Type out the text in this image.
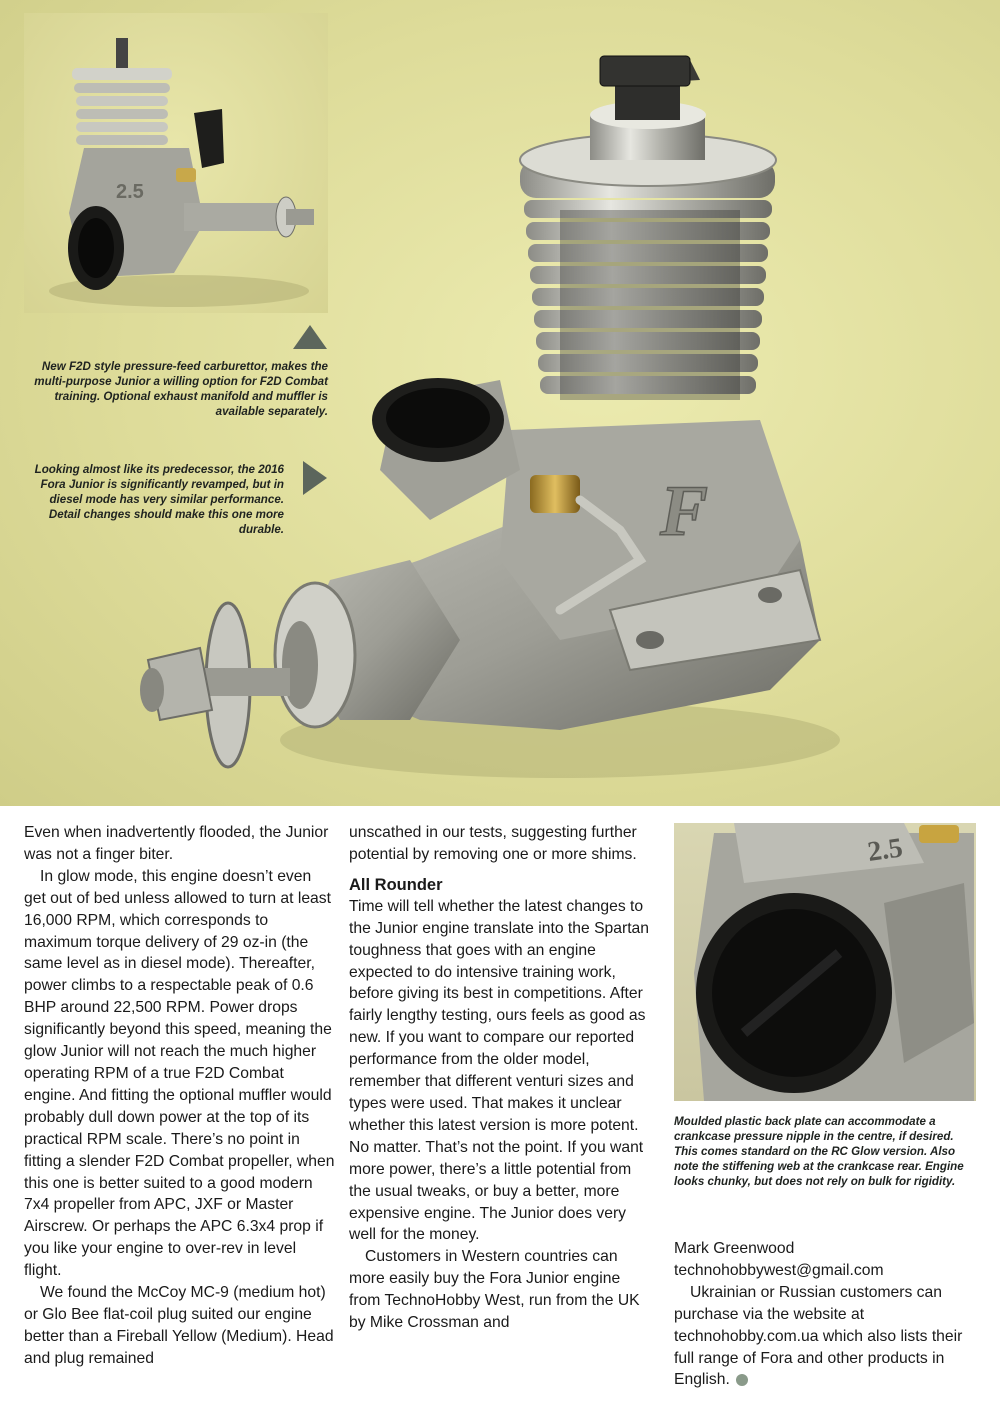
F
2.5
New F2D style pressure-feed carburettor, makes the multi-purpose Junior a willing option for F2D Combat training. Optional exhaust manifold and muffler is available separately.
Looking almost like its predecessor, the 2016 Fora Junior is significantly revamped, but in diesel mode has very similar performance. Detail changes should make this one more durable.

Even when inadvertently flooded, the Junior was not a finger biter.

In glow mode, this engine doesn’t even get out of bed unless allowed to turn at least 16,000 RPM, which corresponds to maximum torque delivery of 29 oz-in (the same level as in diesel mode). Thereafter, power climbs to a respectable peak of 0.6 BHP around 22,500 RPM. Power drops significantly beyond this speed, meaning the glow Junior will not reach the much higher operating RPM of a true F2D Combat engine. And fitting the optional muffler would probably dull down power at the top of its practical RPM scale. There’s no point in fitting a slender F2D Combat propeller, when this one is better suited to a good modern 7x4 propeller from APC, JXF or Master Airscrew. Or perhaps the APC 6.3x4 prop if you like your engine to over-rev in level flight.

We found the McCoy MC-9 (medium hot) or Glo Bee flat-coil plug suited our engine better than a Fireball Yellow (Medium). Head and plug remained

unscathed in our tests, suggesting further potential by removing one or more shims.

All Rounder

Time will tell whether the latest changes to the Junior engine translate into the Spartan toughness that goes with an engine expected to do intensive training work, before giving its best in competitions. After fairly lengthy testing, ours feels as good as new. If you want to compare our reported performance from the older model, remember that different venturi sizes and types were used. That makes it unclear whether this latest version is more potent. No matter. That’s not the point. If you want more power, there’s a little potential from the usual tweaks, or buy a better, more expensive engine. The Junior does very well for the money.

Customers in Western countries can more easily buy the Fora Junior engine from TechnoHobby West, run from the UK by Mike Crossman and

2.5
Moulded plastic back plate can accommodate a crankcase pressure nipple in the centre, if desired. This comes standard on the RC Glow version. Also note the stiffening web at the crankcase rear. Engine looks chunky, but does not rely on bulk for rigidity.

Mark Greenwood

technohobbywest@gmail.com

Ukrainian or Russian customers can purchase via the website at technohobby.com.ua which also lists their full range of Fora and other products in English.
